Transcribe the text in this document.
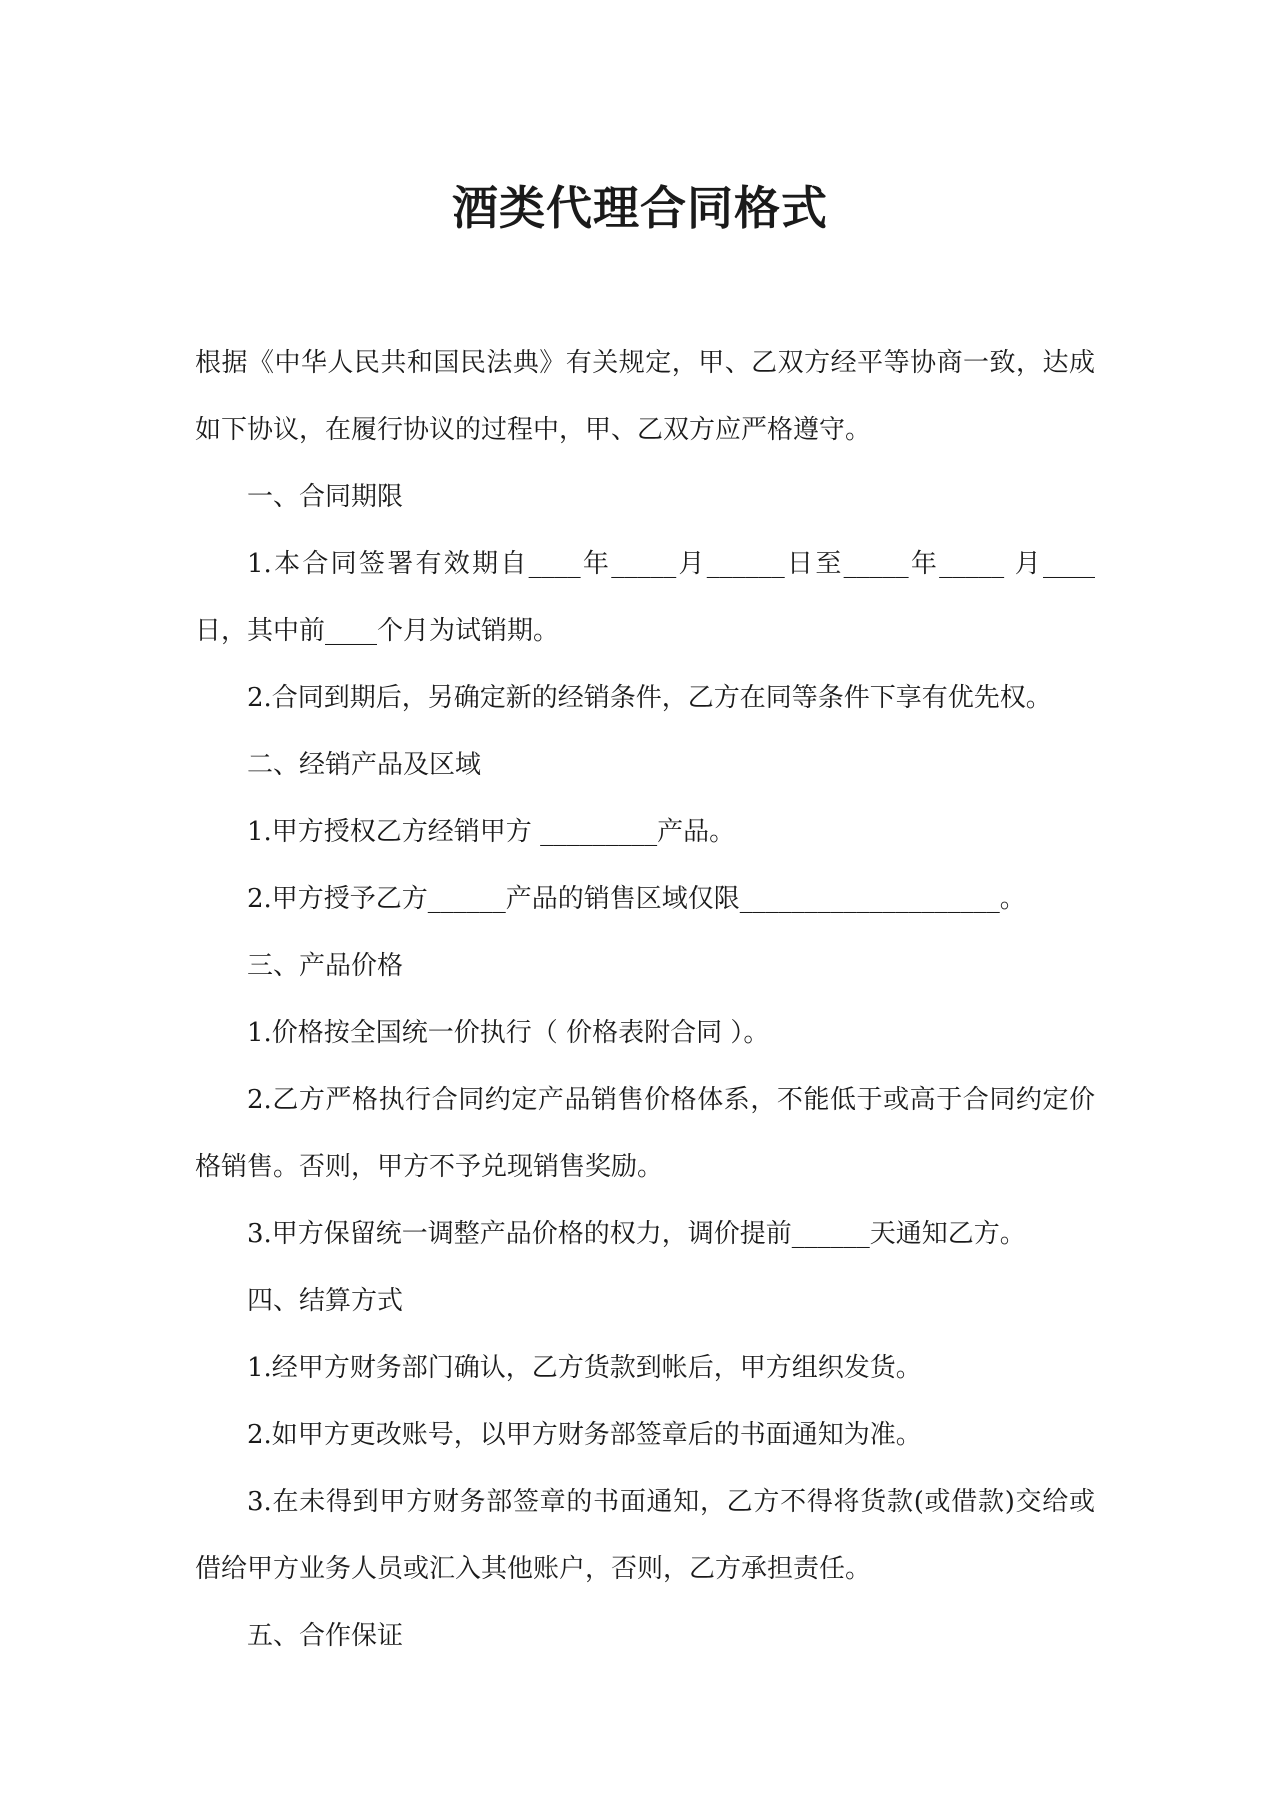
酒类代理合同格式

根据《中华人民共和国民法典》有关规定，甲、乙双方经平等协商一致，达成如下协议，在履行协议的过程中，甲、乙双方应严格遵守。

一、合同期限

1.本合同签署有效期自____年_____月______日至_____年_____ 月____日，其中前____个月为试销期。

2.合同到期后，另确定新的经销条件，乙方在同等条件下享有优先权。

二、经销产品及区域

1.甲方授权乙方经销甲方 _________产品。

2.甲方授予乙方______产品的销售区域仅限____________________。

三、产品价格

1.价格按全国统一价执行（ 价格表附合同 ）。

2.乙方严格执行合同约定产品销售价格体系，不能低于或高于合同约定价格销售。否则，甲方不予兑现销售奖励。

3.甲方保留统一调整产品价格的权力，调价提前______天通知乙方。

四、结算方式

1.经甲方财务部门确认，乙方货款到帐后，甲方组织发货。

2.如甲方更改账号，以甲方财务部签章后的书面通知为准。

3.在未得到甲方财务部签章的书面通知，乙方不得将货款(或借款)交给或借给甲方业务人员或汇入其他账户，否则，乙方承担责任。

五、合作保证
